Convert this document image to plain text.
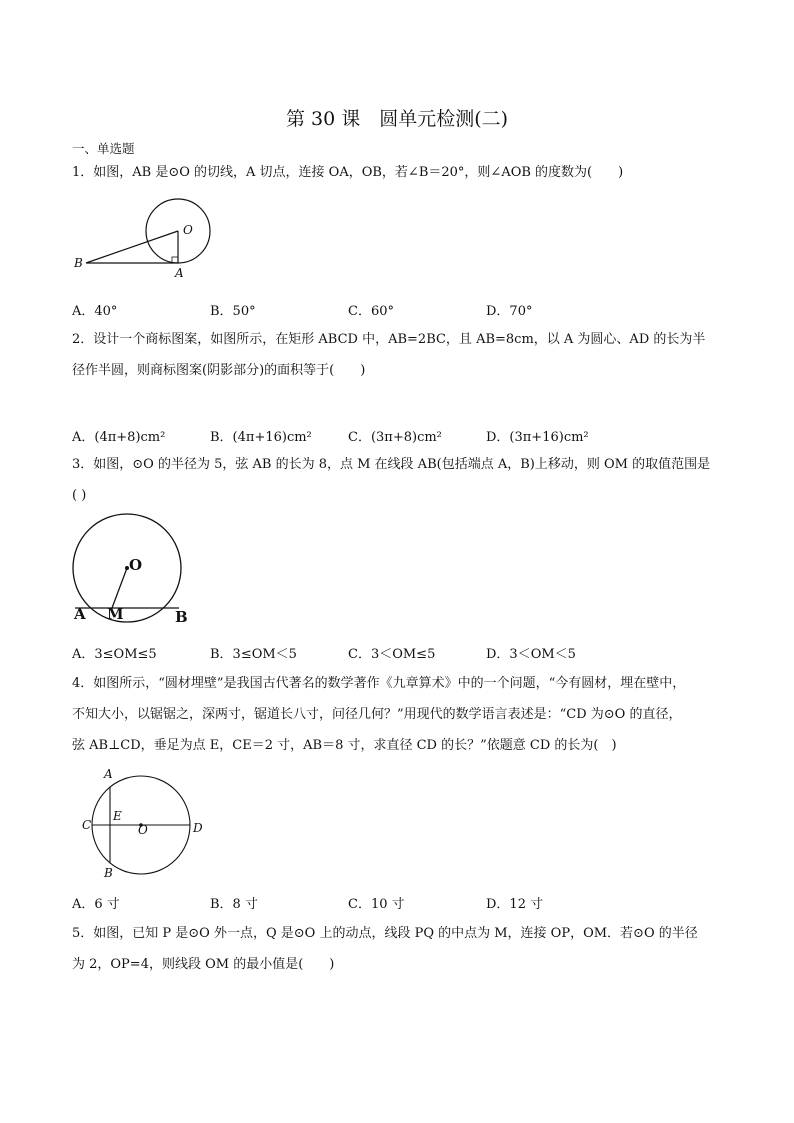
第 30 课　圆单元检测(二)
一、单选题
1．如图，AB 是⊙O 的切线，A 切点，连接 OA，OB，若∠B＝20°，则∠AOB 的度数为(　　)
O
A
B
A．40°	B．50°	C．60°	D．70°
2．设计一个商标图案，如图所示，在矩形 ABCD 中，AB=2BC，且 AB=8cm，以 A 为圆心、AD 的长为半
径作半圆，则商标图案(阴影部分)的面积等于(　　)
A．(4π+8)cm²	B．(4π+16)cm²	C．(3π+8)cm²	D．(3π+16)cm²
3．如图，⊙O 的半径为 5，弦 AB 的长为 8，点 M 在线段 AB(包括端点 A，B)上移动，则 OM 的取值范围是
( )
O
A M	B
A．3≤OM≤5	B．3≤OM＜5	C．3＜OM≤5	D．3＜OM＜5
4．如图所示，“圆材埋壁”是我国古代著名的数学著作《九章算术》中的一个问题，“今有圆材，埋在壁中，
不知大小，以锯锯之，深两寸，锯道长八寸，问径几何？”用现代的数学语言表述是：“CD 为⊙O 的直径，
弦 AB⊥CD，垂足为点 E，CE＝2 寸，AB＝8 寸，求直径 CD 的长？”依题意 CD 的长为(　)
A
B
C	D
E
O
A．6 寸	B．8 寸	C．10 寸	D．12 寸
5．如图，已知 P 是⊙O 外一点，Q 是⊙O 上的动点，线段 PQ 的中点为 M，连接 OP，OM．若⊙O 的半径
为 2，OP=4，则线段 OM 的最小值是(　　)
